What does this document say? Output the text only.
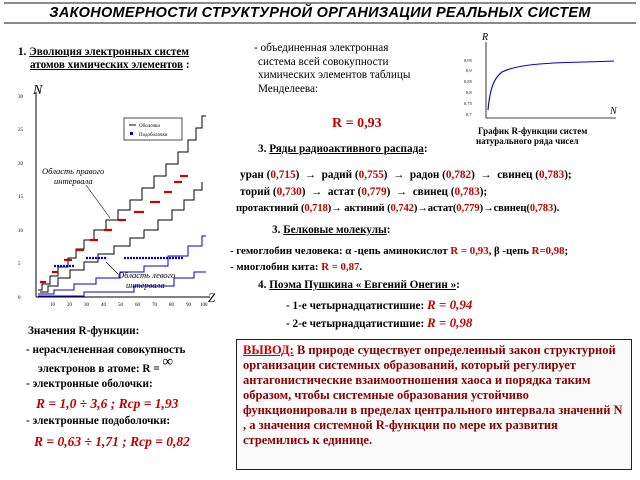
ЗАКОНОМЕРНОСТИ СТРУКТУРНОЙ ОРГАНИЗАЦИИ РЕАЛЬНЫХ СИСТЕМ
1. Эволюция электронных систем
атомов химических элементов :
N
Z
30
25
20
15
10
5
0
10 20 30 40 50 60 70 80 90 100
Оболочки
Подоболочки
Область правого
интервала
Область левого
интервала
- объединенная электронная
система всей совокупности
химических элементов таблицы
Менделеева:
R = 0,93
R
N
0,95
0,9
0,85
0,8
0,75
0,7
График R-функции систем
натурального ряда чисел
3. Ряды радиоактивного распада:
уран (0,715)  →  радий (0,755)  →  радон (0,782)  →  свинец (0,783);
торий (0,730)  →  астат (0,779)  →  свинец (0,783);
протактиний (0,718)→ актиний (0,742)→астат(0,779)→свинец(0,783).
3. Белковые молекулы:
- гемоглобин человека: α -цепь аминокислот R = 0,93, β -цепь R=0,98;
- миоглобин кита: R = 0,87.
4. Поэма Пушкина « Евгений Онегин »:
- 1-е четырнадцатистишие: R = 0,94
- 2-е четырнадцатистишие: R = 0,98
Значения R-функции:
- нерасчлененная совокупность
электронов в атоме: R = ∞
- электронные оболочки:
R = 1,0 ÷ 3,6 ; Rср = 1,93
- электронные подоболочки:
R = 0,63 ÷ 1,71 ; Rср = 0,82
ВЫВОД: В природе существует определенный закон структурной организации системных образований, который регулирует антагонистические взаимоотношения хаоса и порядка таким образом, чтобы системные образования устойчиво функционировали в пределах центрального интервала значений N , а значения системной R-функции по мере их развития стремились к единице.
